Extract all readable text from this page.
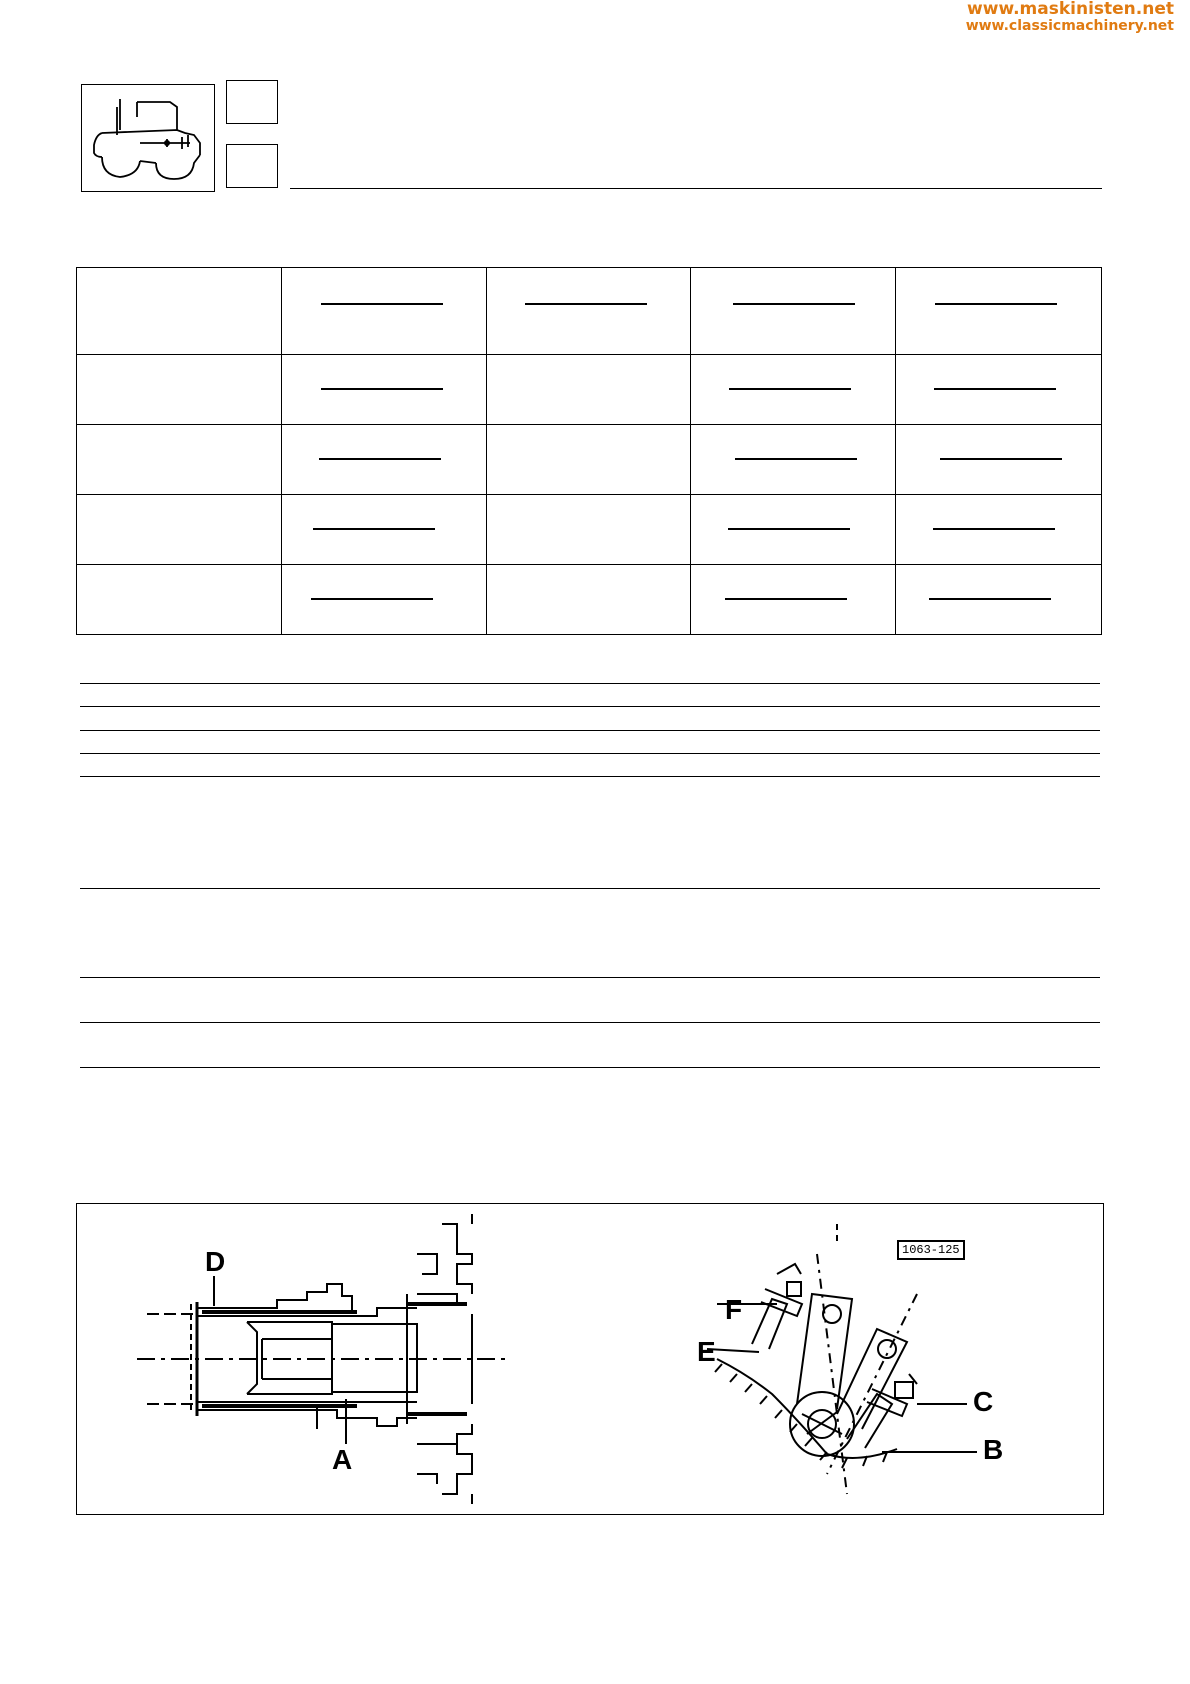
www.maskinisten.net
www.classicmachinery.net

D
A
1063-125
F
E
C
B
